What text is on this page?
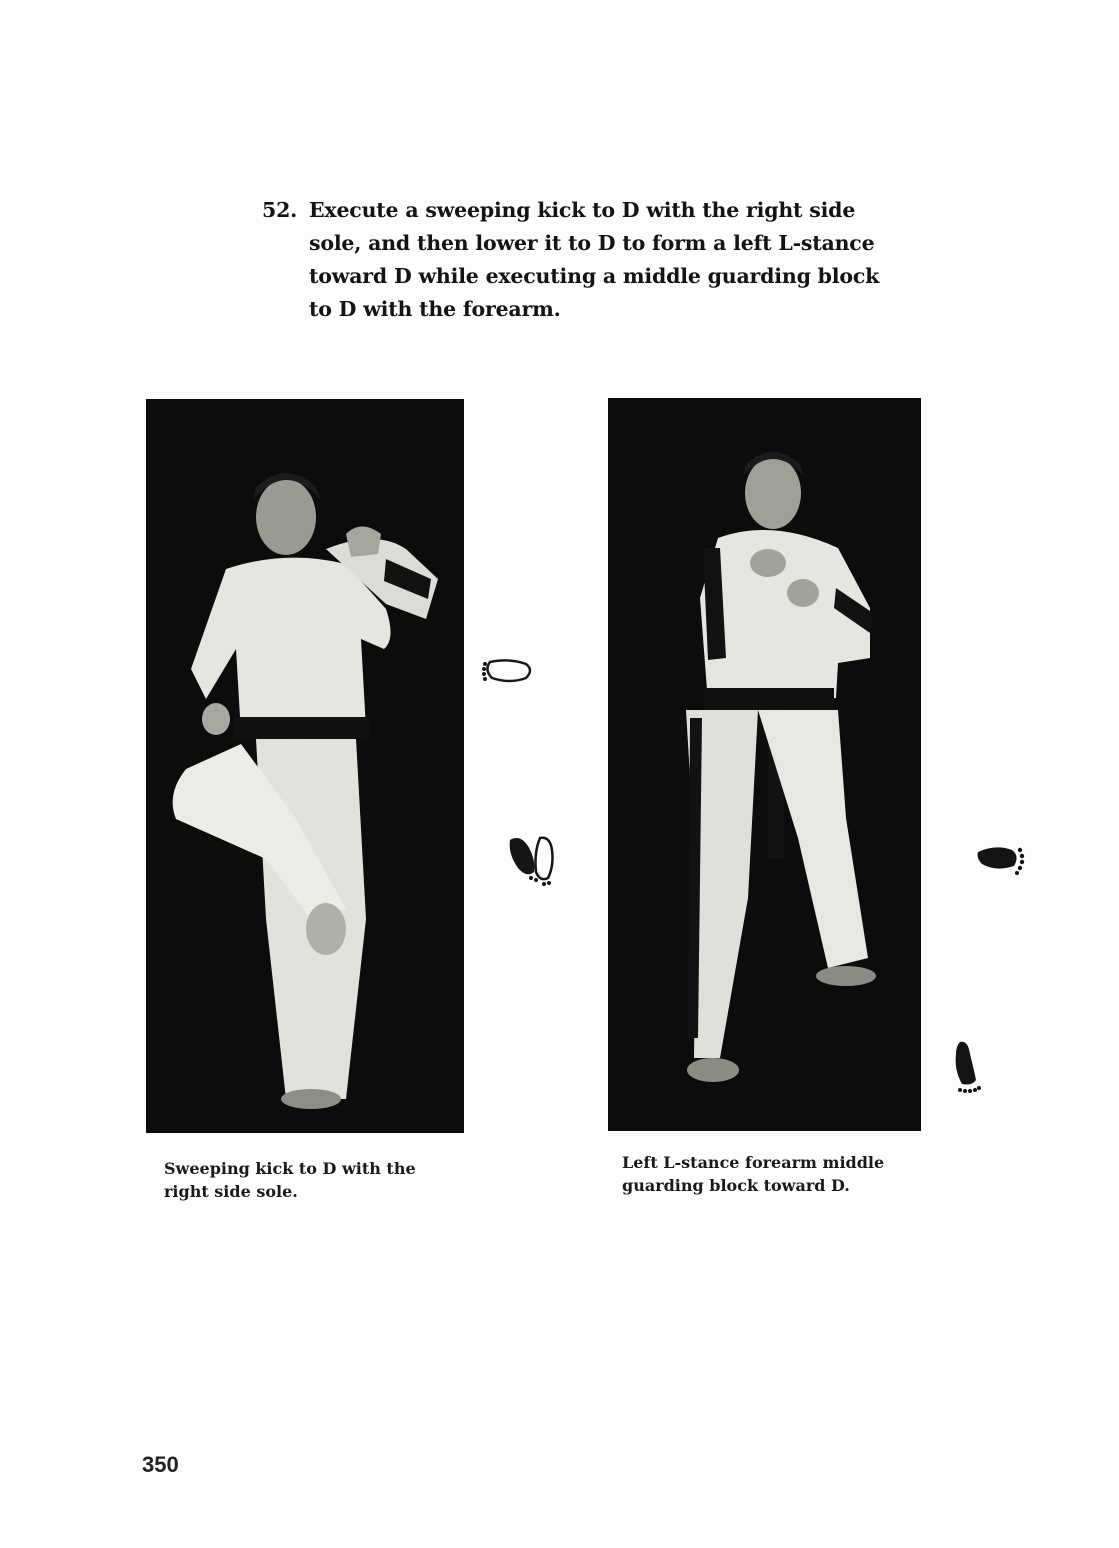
52. Execute a sweeping kick to D with the right side sole, and then lower it to D to form a left L-stance toward D while executing a middle guarding block to D with the forearm.
Sweeping kick to D with the
right side sole.
Left L-stance forearm middle
guarding block toward D.
350
